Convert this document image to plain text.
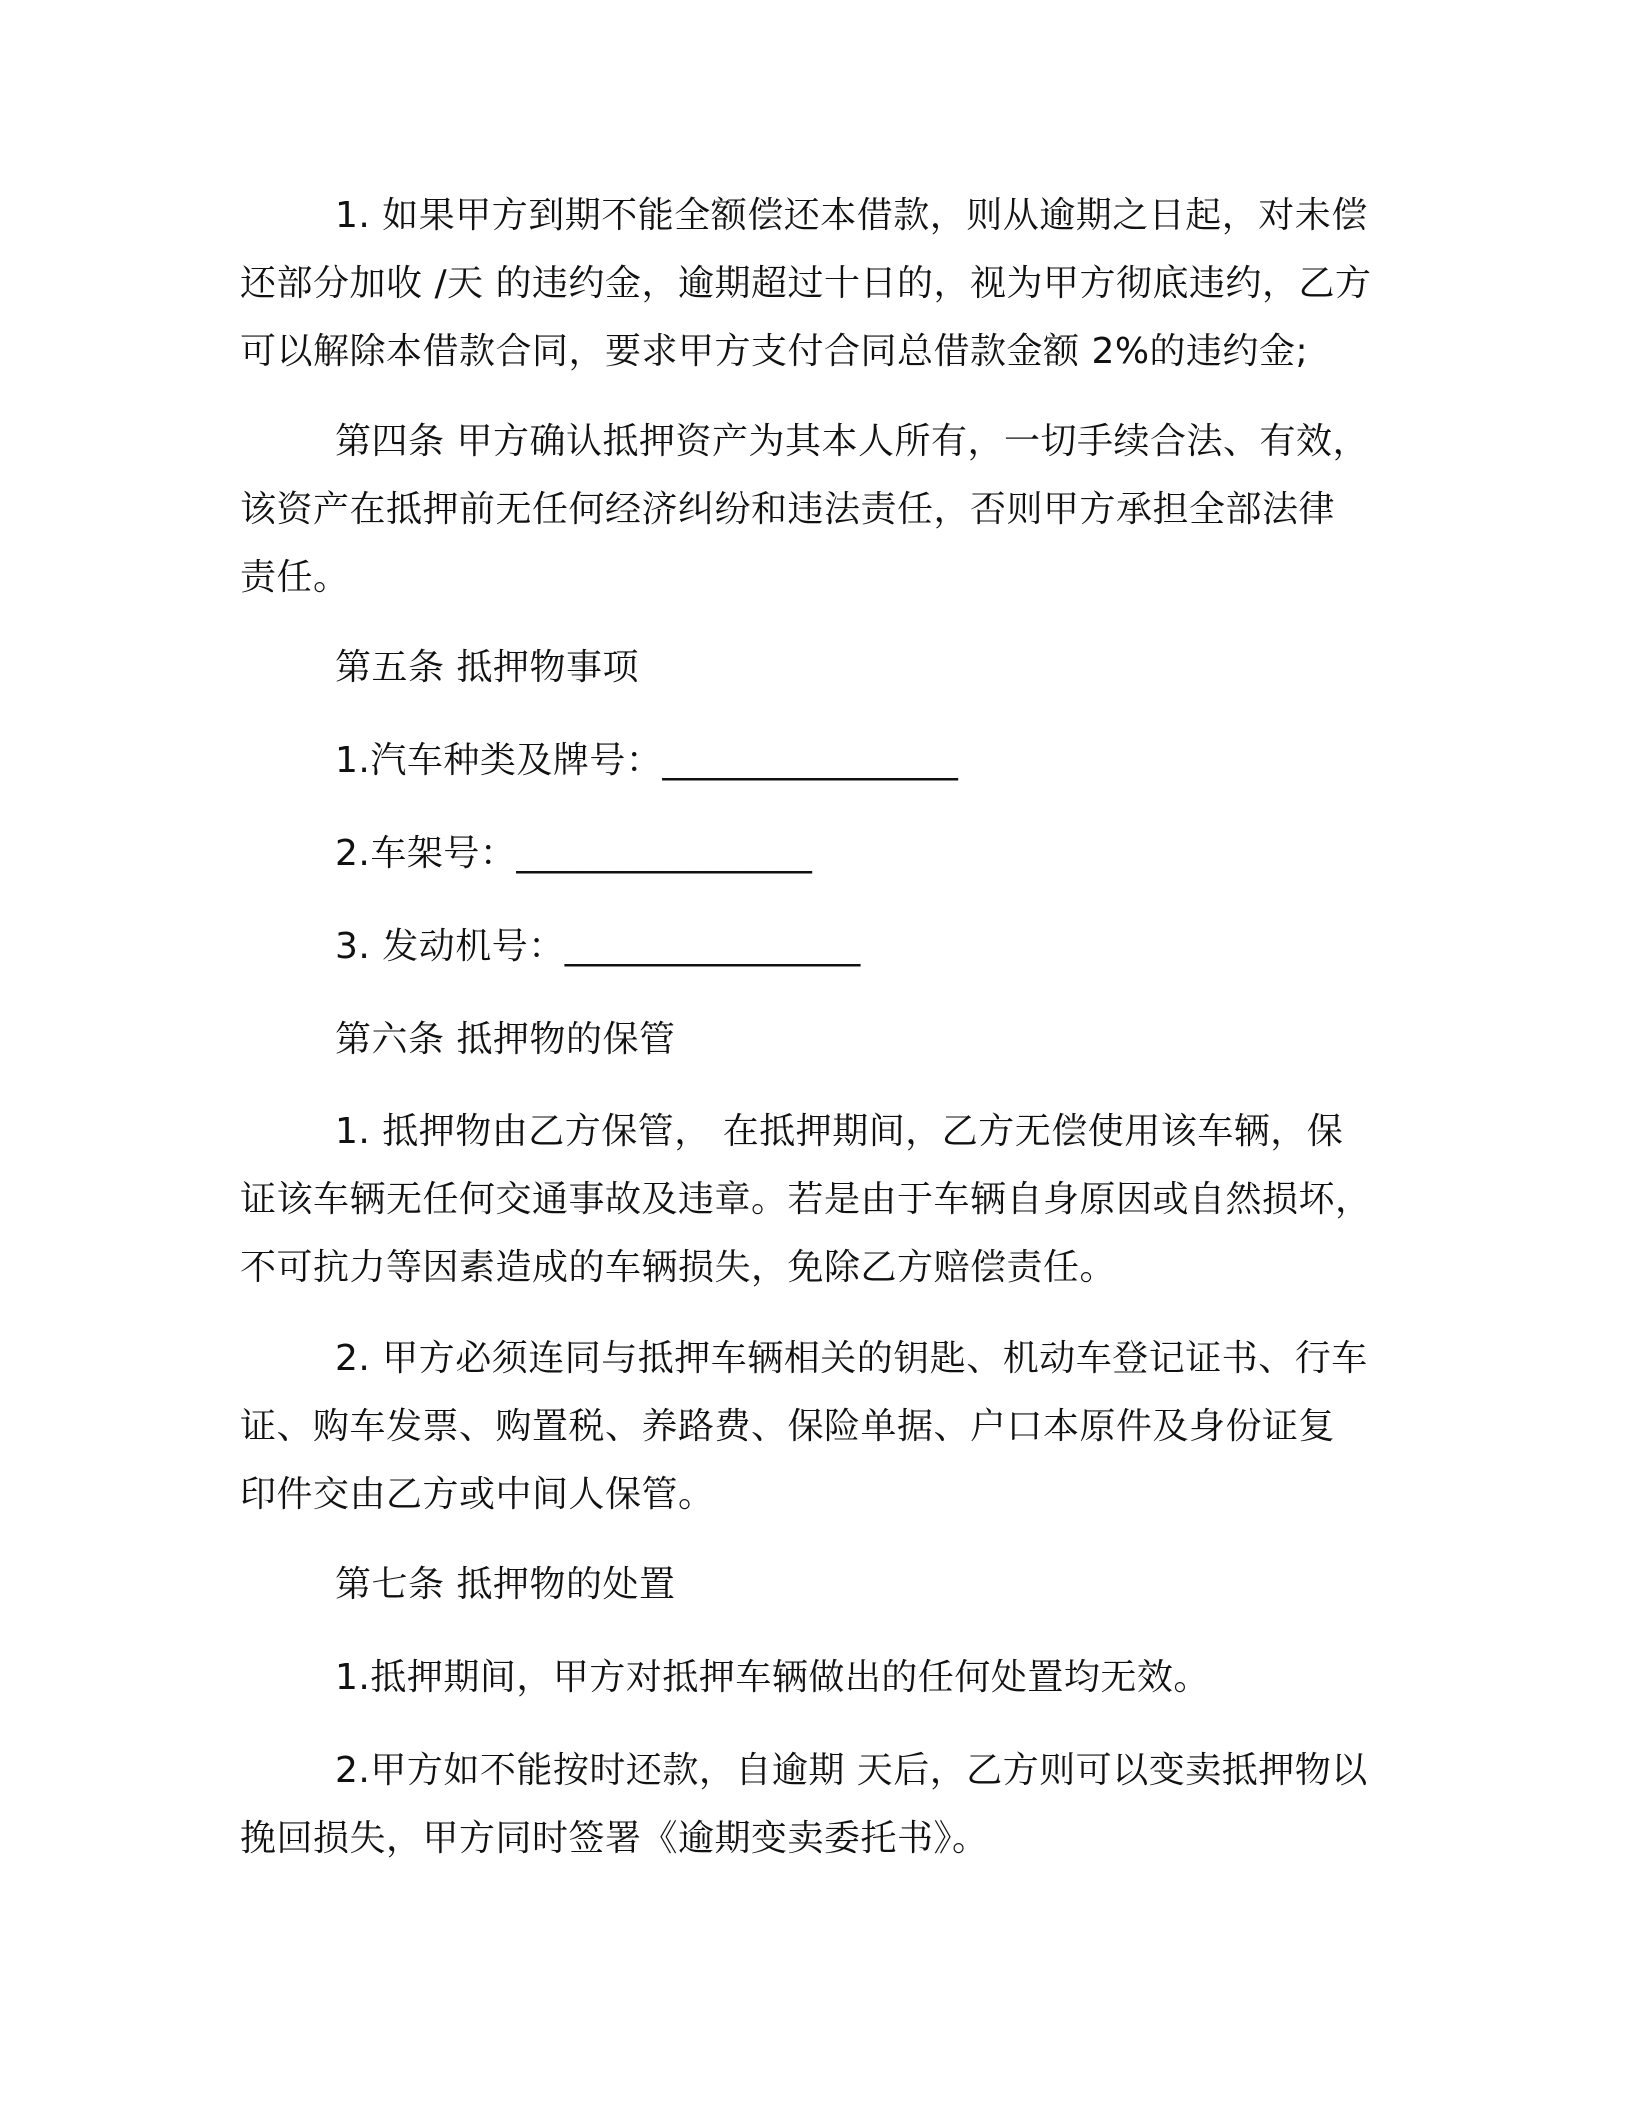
1. 如果甲方到期不能全额偿还本借款，则从逾期之日起，对未偿
还部分加收 /天 的违约金，逾期超过十日的，视为甲方彻底违约，乙方
可以解除本借款合同，要求甲方支付合同总借款金额 2%的违约金;
第四条 甲方确认抵押资产为其本人所有，一切手续合法、有效，
该资产在抵押前无任何经济纠纷和违法责任，否则甲方承担全部法律
责任。
第五条 抵押物事项
1.汽车种类及牌号：________________
2.车架号：________________
3. 发动机号：________________
第六条 抵押物的保管
1. 抵押物由乙方保管， 在抵押期间，乙方无偿使用该车辆，保
证该车辆无任何交通事故及违章。若是由于车辆自身原因或自然损坏，
不可抗力等因素造成的车辆损失，免除乙方赔偿责任。
2. 甲方必须连同与抵押车辆相关的钥匙、机动车登记证书、行车
证、购车发票、购置税、养路费、保险单据、户口本原件及身份证复
印件交由乙方或中间人保管。
第七条 抵押物的处置
1.抵押期间，甲方对抵押车辆做出的任何处置均无效。
2.甲方如不能按时还款，自逾期 天后，乙方则可以变卖抵押物以
挽回损失，甲方同时签署《逾期变卖委托书》。
